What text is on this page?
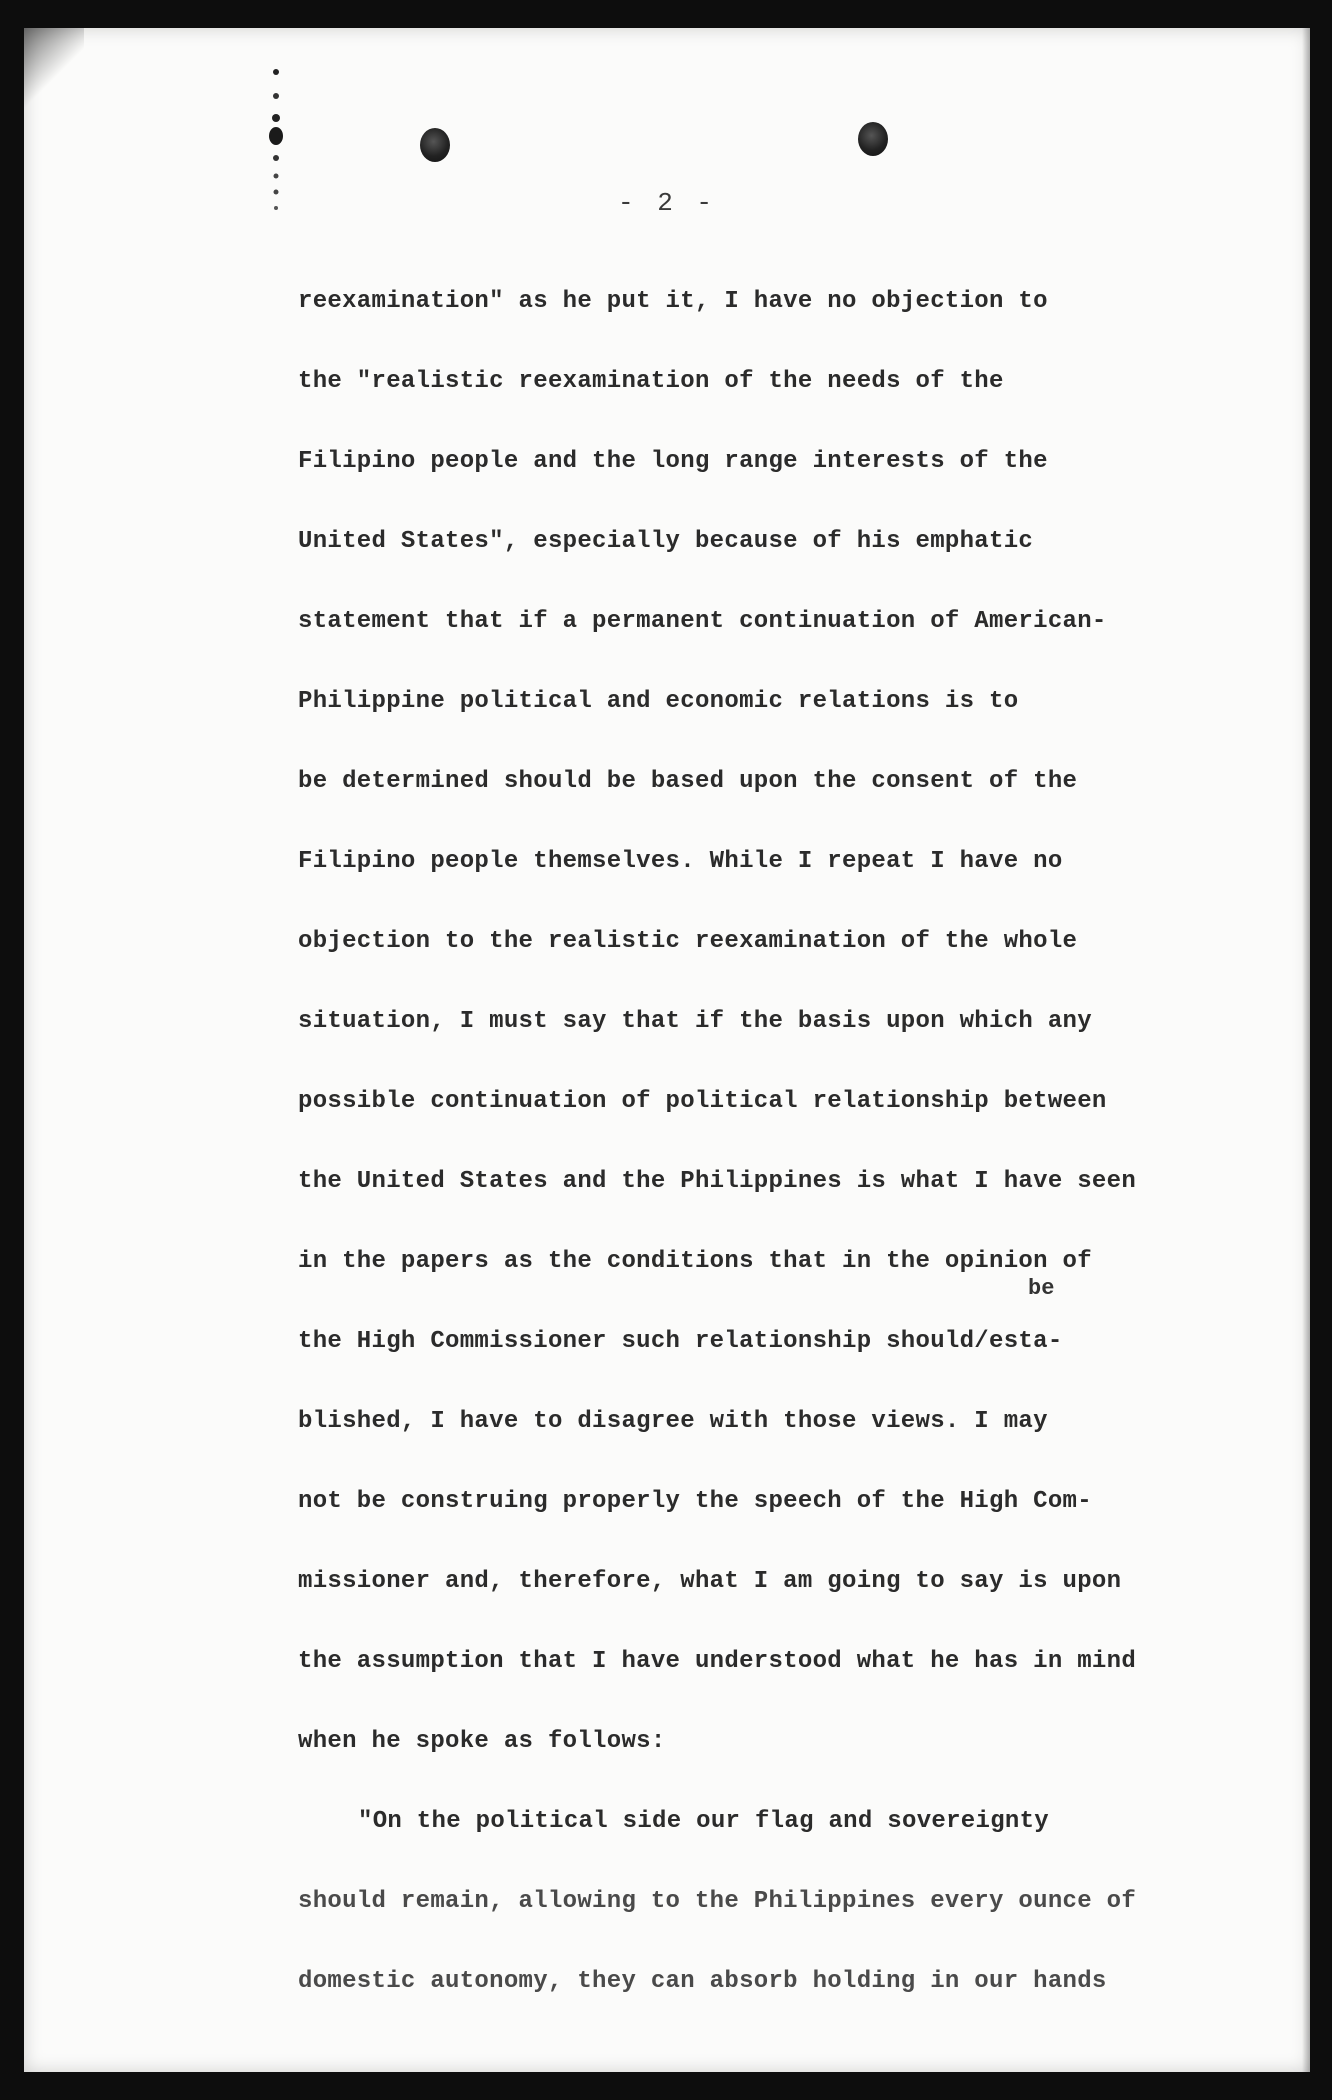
- 2 -
be
reexamination" as he put it, I have no objection to
the "realistic reexamination of the needs of the
Filipino people and the long range interests of the
United States", especially because of his emphatic
statement that if a permanent continuation of American-
Philippine political and economic relations is to
be determined should be based upon the consent of the
Filipino people themselves. While I repeat I have no
objection to the realistic reexamination of the whole
situation, I must say that if the basis upon which any
possible continuation of political relationship between
the United States and the Philippines is what I have seen
in the papers as the conditions that in the opinion of
the High Commissioner such relationship should/esta-
blished, I have to disagree with those views. I may
not be construing properly the speech of the High Com-
missioner and, therefore, what I am going to say is upon
the assumption that I have understood what he has in mind
when he spoke as follows:
"On the political side our flag and sovereignty
should remain, allowing to the Philippines every ounce of
domestic autonomy, they can absorb holding in our hands
